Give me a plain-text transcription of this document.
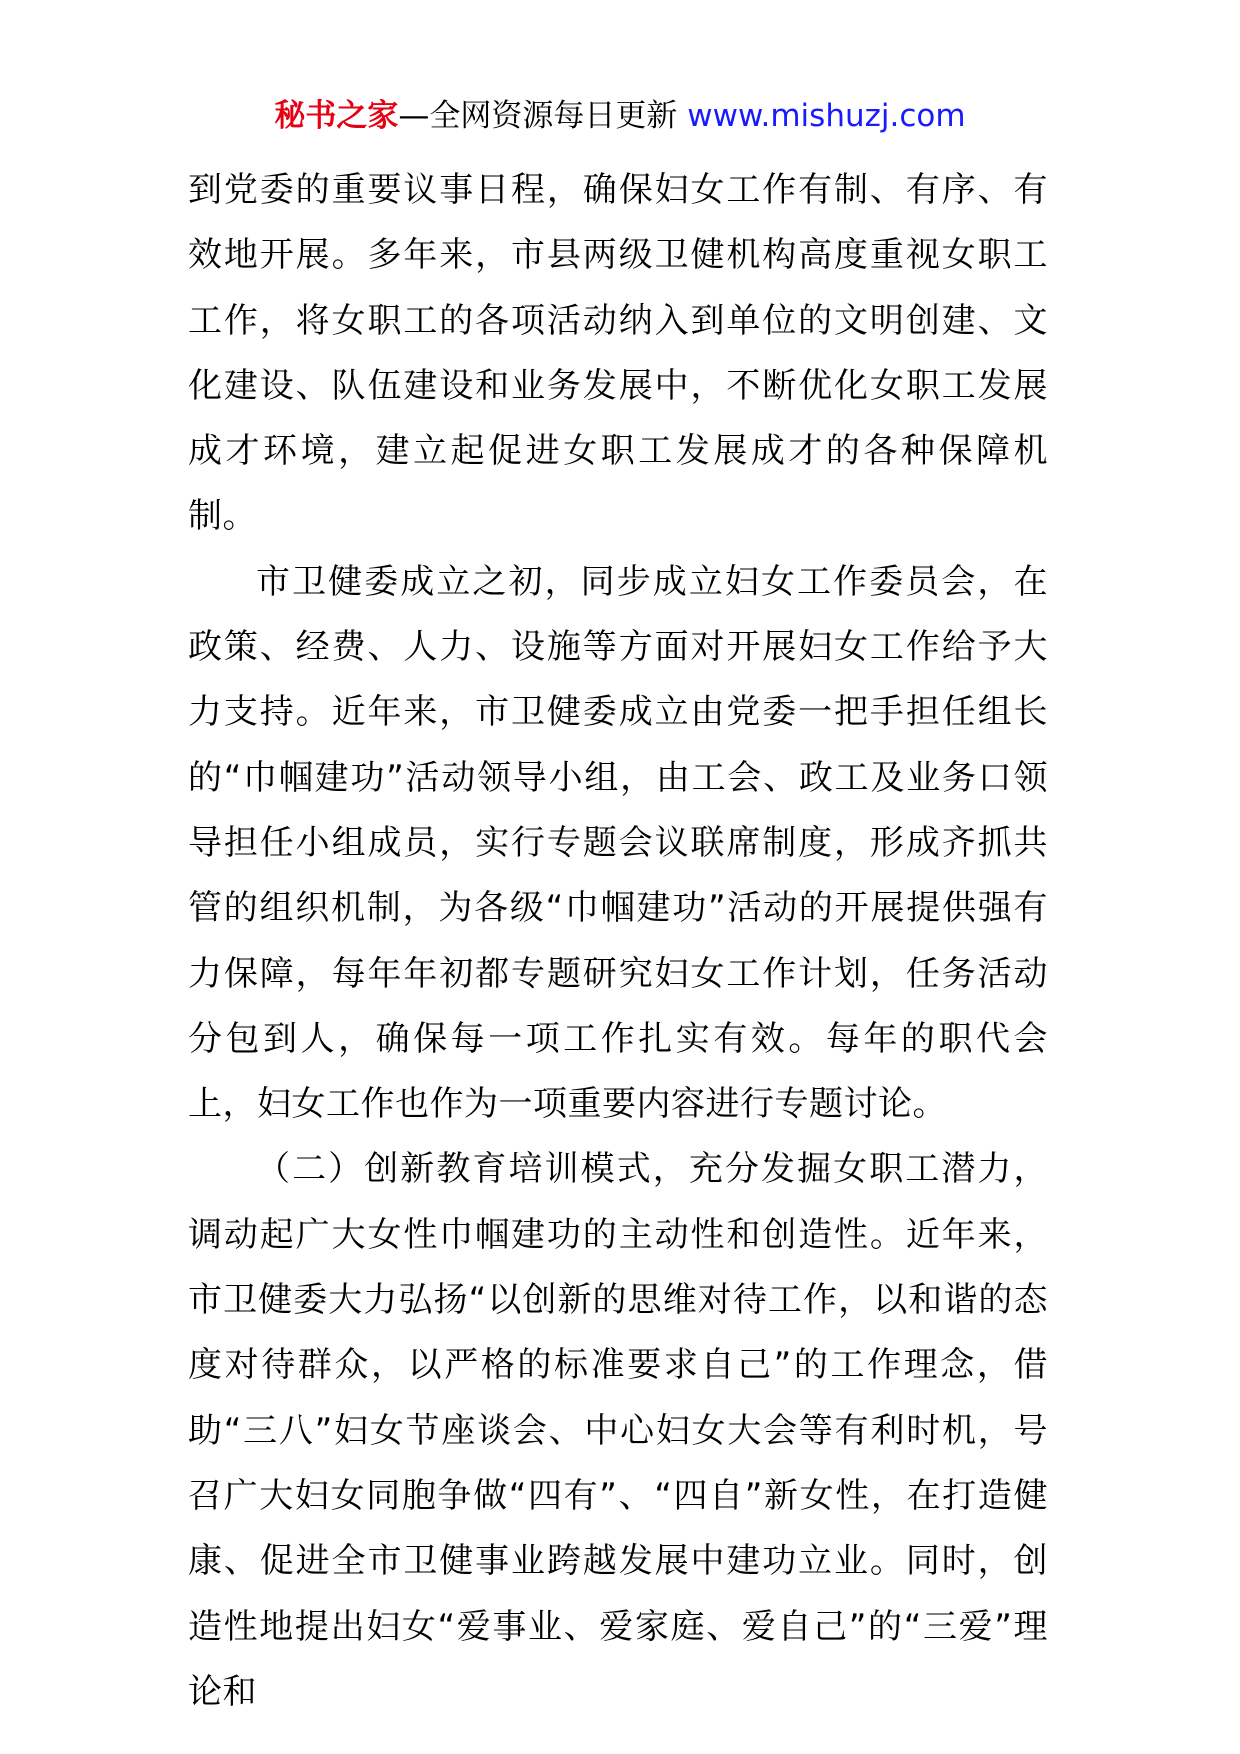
秘书之家—全网资源每日更新 www.mishuzj.com

到党委的重要议事日程，确保妇女工作有制、有序、有效地开展。多年来，市县两级卫健机构高度重视女职工工作，将女职工的各项活动纳入到单位的文明创建、文化建设、队伍建设和业务发展中，不断优化女职工发展成才环境，建立起促进女职工发展成才的各种保障机制。

市卫健委成立之初，同步成立妇女工作委员会，在政策、经费、人力、设施等方面对开展妇女工作给予大力支持。近年来，市卫健委成立由党委一把手担任组长的“巾帼建功”活动领导小组，由工会、政工及业务口领导担任小组成员，实行专题会议联席制度，形成齐抓共管的组织机制，为各级“巾帼建功”活动的开展提供强有力保障，每年年初都专题研究妇女工作计划，任务活动分包到人，确保每一项工作扎实有效。每年的职代会上，妇女工作也作为一项重要内容进行专题讨论。

（二）创新教育培训模式，充分发掘女职工潜力，调动起广大女性巾帼建功的主动性和创造性。近年来，市卫健委大力弘扬“以创新的思维对待工作，以和谐的态度对待群众，以严格的标准要求自己”的工作理念，借助“三八”妇女节座谈会、中心妇女大会等有利时机，号召广大妇女同胞争做“四有”、“四自”新女性，在打造健康、促进全市卫健事业跨越发展中建功立业。同时，创造性地提出妇女“爱事业、爱家庭、爱自己”的“三爱”理论和
